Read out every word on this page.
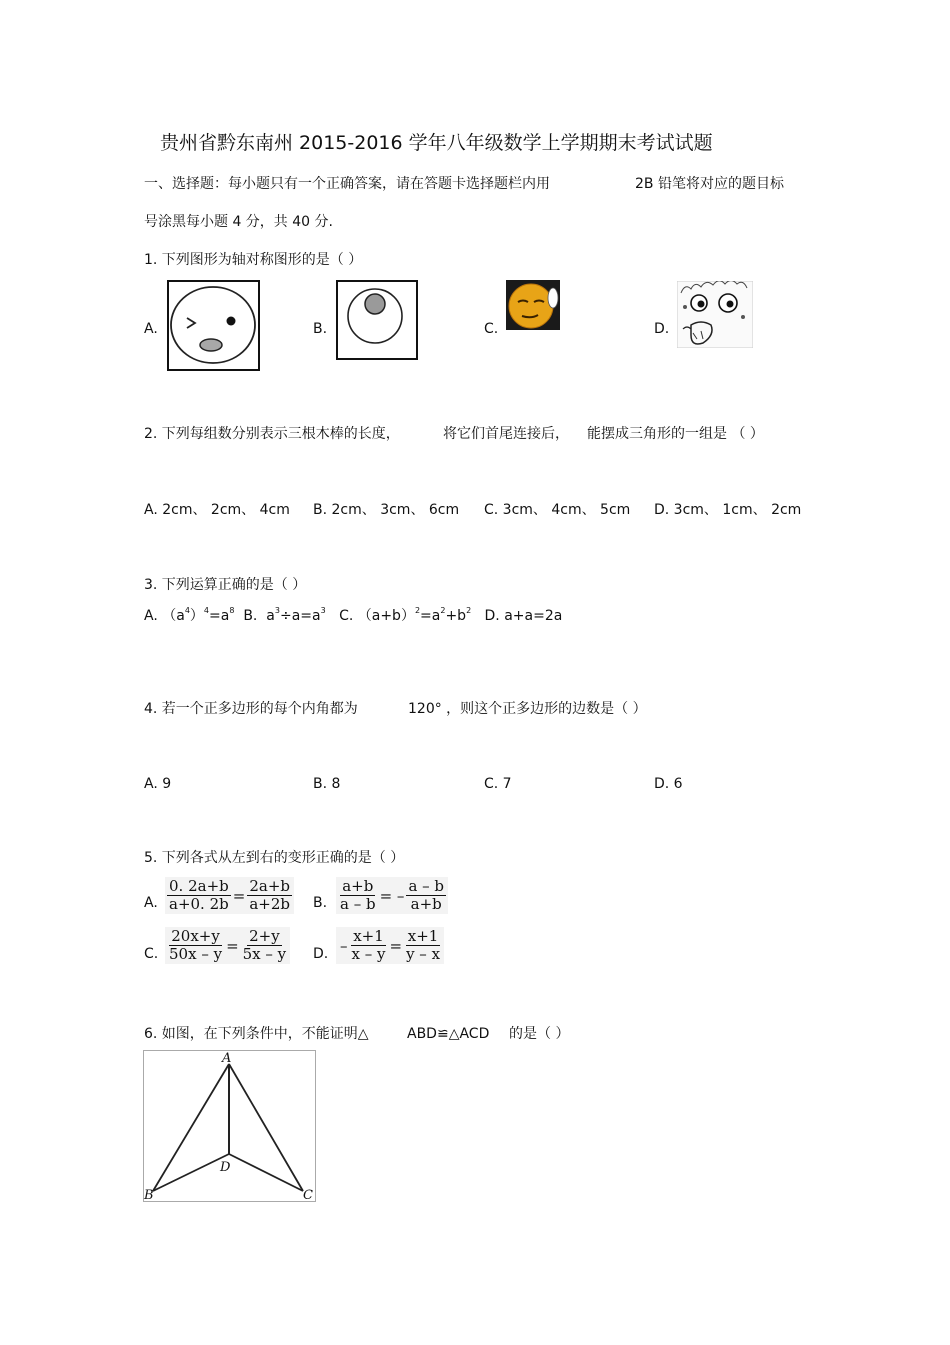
贵州省黔东南州 2015-2016 学年八年级数学上学期期末考试试题
一、选择题：每小题只有一个正确答案，请在答题卡选择题栏内用	2B 铅笔将对应的题目标
号涂黑每小题 4 分，共 40 分.
1. 下列图形为轴对称图形的是（ ）
A.	B.	C.	D.
2. 下列每组数分别表示三根木棒的长度，	将它们首尾连接后， 能摆成三角形的一组是 （ ）
A. 2cm、 2cm、 4cm B. 2cm、 3cm、 6cm C. 3cm、 4cm、 5cm D. 3cm、 1cm、 2cm
3. 下列运算正确的是（ ）
A. $(a^4)^4=a^8$ B. $a^3\div a=a^3$ C. $(a+b)^2=a^2+b^2$ D. a+a=2a
4. 若一个正多边形的每个内角都为	120° ，则这个正多边形的边数是（ ）
A. 9	B. 8	C. 7	D. 6
5. 下列各式从左到右的变形正确的是（ ）
A. $\frac{0. 2a+b}{a+0. 2b} = \frac{2a+b}{a+2b} B$. $\frac{a+b}{a - b}$ = – $\frac{a - b}{a+b}$
C. $\frac{20x+y}{50x - y} = \frac{2+y}{5x - y} D$. – $\frac{x+1}{x - y} = \frac{x+1}{y - x}$
6. 如图，在下列条件中，不能证明△	ABD≌△ACD 的是（ ）
A
D
B	C
